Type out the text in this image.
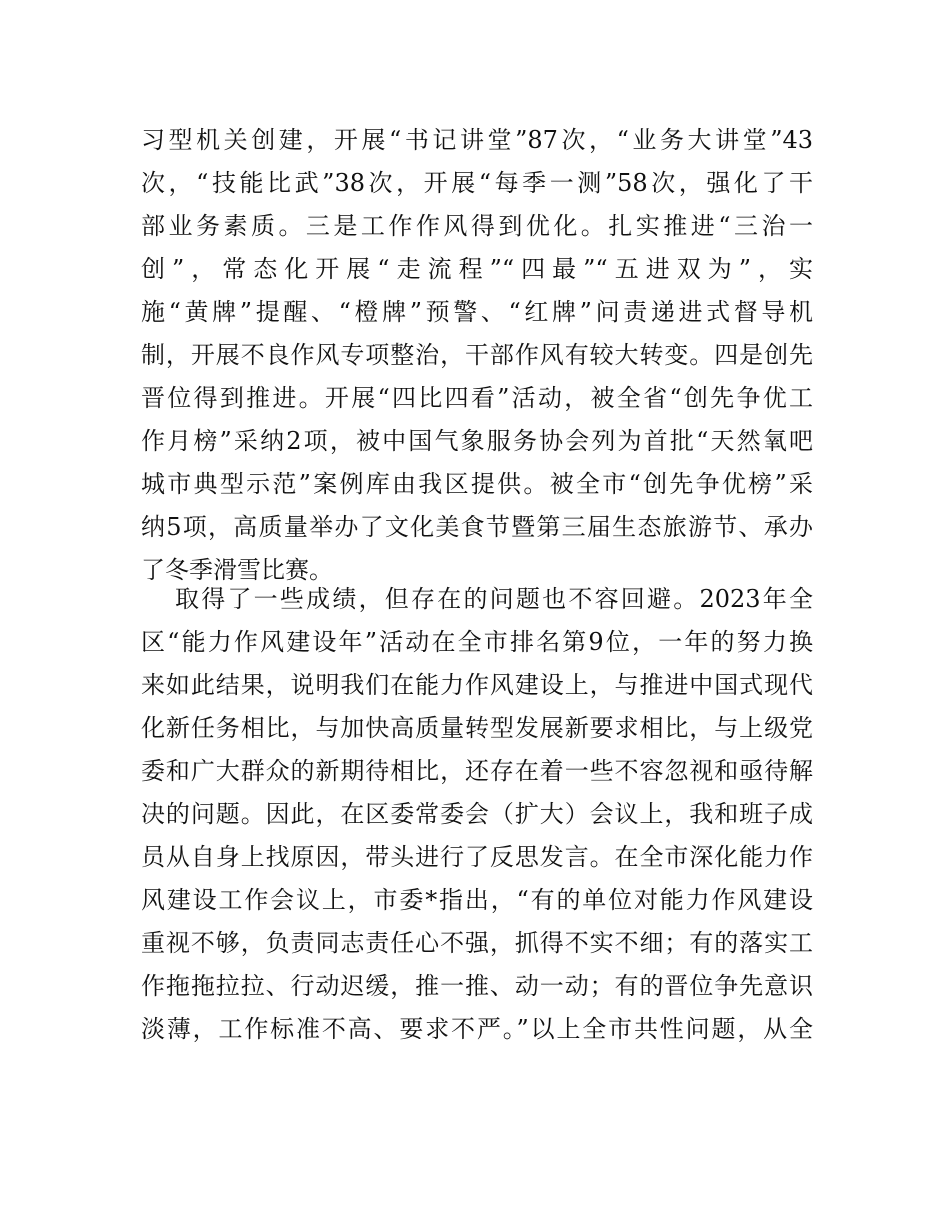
习型机关创建，开展“书记讲堂”87次，“业务大讲堂”43
次，“技能比武”38次，开展“每季一测”58次，强化了干
部业务素质。三是工作作风得到优化。扎实推进“三治一
创”，常态化开展“走流程”“四最”“五进双为”，实
施“黄牌”提醒、“橙牌”预警、“红牌”问责递进式督导机
制，开展不良作风专项整治，干部作风有较大转变。四是创先
晋位得到推进。开展“四比四看”活动，被全省“创先争优工
作月榜”采纳2项，被中国气象服务协会列为首批“天然氧吧
城市典型示范”案例库由我区提供。被全市“创先争优榜”采
纳5项，高质量举办了文化美食节暨第三届生态旅游节、承办
了冬季滑雪比赛。
取得了一些成绩，但存在的问题也不容回避。2023年全
区“能力作风建设年”活动在全市排名第9位，一年的努力换
来如此结果，说明我们在能力作风建设上，与推进中国式现代
化新任务相比，与加快高质量转型发展新要求相比，与上级党
委和广大群众的新期待相比，还存在着一些不容忽视和亟待解
决的问题。因此，在区委常委会（扩大）会议上，我和班子成
员从自身上找原因，带头进行了反思发言。在全市深化能力作
风建设工作会议上，市委*指出，“有的单位对能力作风建设
重视不够，负责同志责任心不强，抓得不实不细；有的落实工
作拖拖拉拉、行动迟缓，推一推、动一动；有的晋位争先意识
淡薄，工作标准不高、要求不严。”以上全市共性问题，从全
